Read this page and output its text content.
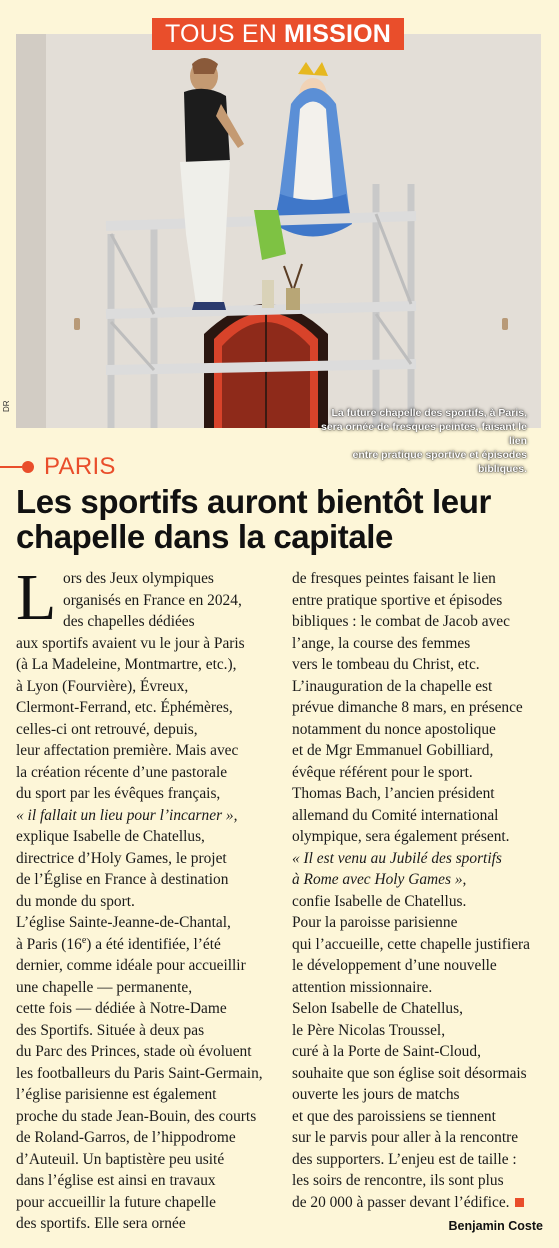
TOUS EN MISSION
La future chapelle des sportifs, à Paris,
sera ornée de fresques peintes, faisant le lien
entre pratique sportive et épisodes bibliques.
DR
PARIS
Les sportifs auront bientôt leur chapelle dans la capitale
L ors des Jeux olympiques
organisés en France en 2024,
des chapelles dédiées
aux sportifs avaient vu le jour à Paris
(à La Madeleine, Montmartre, etc.),
à Lyon (Fourvière), Évreux,
Clermont-Ferrand, etc. Éphémères,
celles-ci ont retrouvé, depuis,
leur affectation première. Mais avec
la création récente d’une pastorale
du sport par les évêques français,
« il fallait un lieu pour l’incarner »,
explique Isabelle de Chatellus,
directrice d’Holy Games, le projet
de l’Église en France à destination
du monde du sport.
L’église Sainte-Jeanne-de-Chantal,
à Paris (16e) a été identifiée, l’été
dernier, comme idéale pour accueillir
une chapelle — permanente,
cette fois — dédiée à Notre-Dame
des Sportifs. Située à deux pas
du Parc des Princes, stade où évoluent
les footballeurs du Paris Saint-Germain,
l’église parisienne est également
proche du stade Jean-Bouin, des courts
de Roland-Garros, de l’hippodrome
d’Auteuil. Un baptistère peu usité
dans l’église est ainsi en travaux
pour accueillir la future chapelle
des sportifs. Elle sera ornée
de fresques peintes faisant le lien
entre pratique sportive et épisodes
bibliques : le combat de Jacob avec
l’ange, la course des femmes
vers le tombeau du Christ, etc.
L’inauguration de la chapelle est
prévue dimanche 8 mars, en présence
notamment du nonce apostolique
et de Mgr Emmanuel Gobilliard,
évêque référent pour le sport.
Thomas Bach, l’ancien président
allemand du Comité international
olympique, sera également présent.
« Il est venu au Jubilé des sportifs
à Rome avec Holy Games »,
confie Isabelle de Chatellus.
Pour la paroisse parisienne
qui l’accueille, cette chapelle justifiera
le développement d’une nouvelle
attention missionnaire.
Selon Isabelle de Chatellus,
le Père Nicolas Troussel,
curé à la Porte de Saint-Cloud,
souhaite que son église soit désormais
ouverte les jours de matchs
et que des paroissiens se tiennent
sur le parvis pour aller à la rencontre
des supporters. L’enjeu est de taille :
les soirs de rencontre, ils sont plus
de 20 000 à passer devant l’édifice.
Benjamin Coste
